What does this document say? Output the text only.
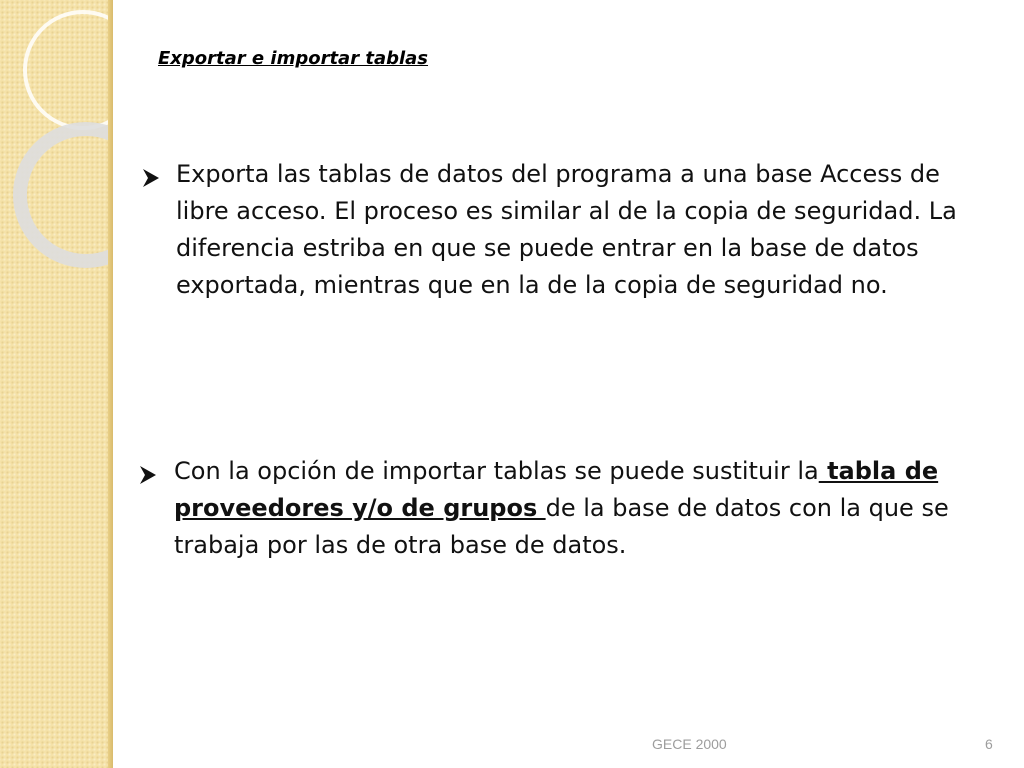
Exportar e importar tablas
Exporta las tablas de datos del programa a una base Access de libre acceso. El proceso es similar al de la copia de seguridad. La diferencia estriba en que se puede entrar en la base de datos exportada, mientras que en la de la copia de seguridad no.
Con la opción de importar tablas se puede sustituir la tabla de proveedores y/o de grupos de la base de datos con la que se trabaja por las de otra base de datos.
GECE 2000	6
